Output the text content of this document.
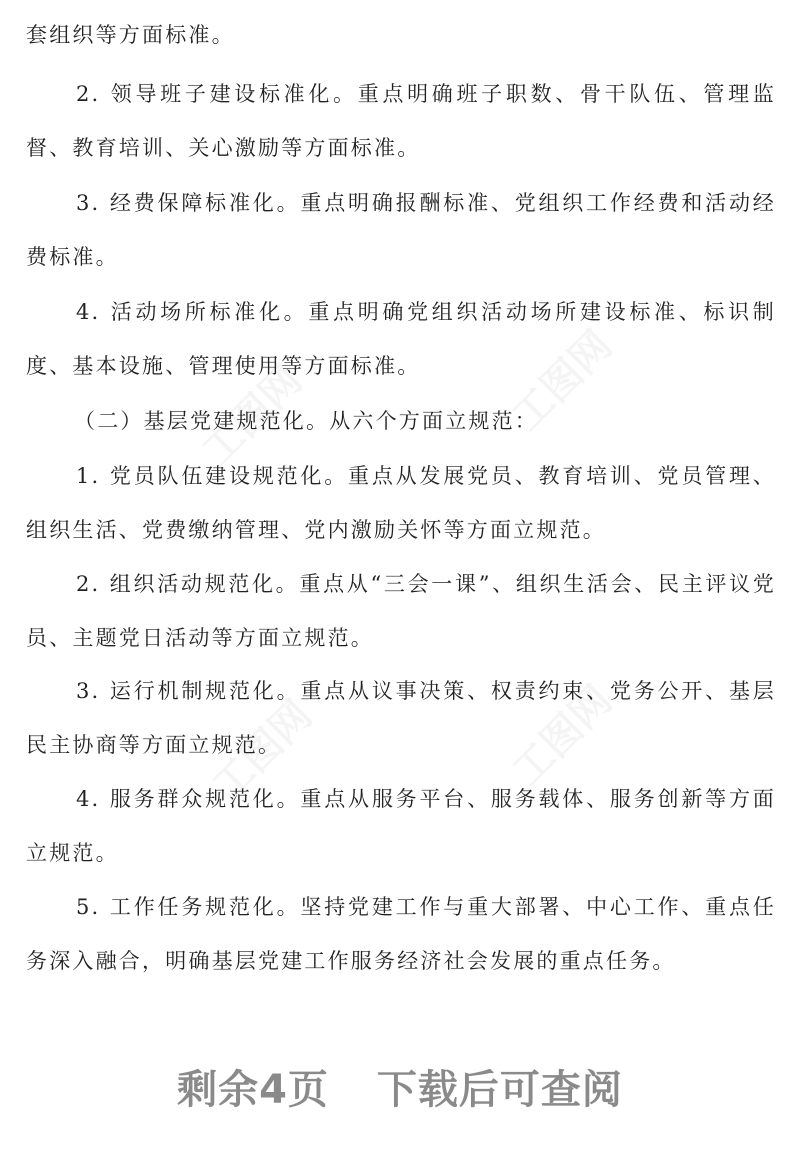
套组织等方面标准。

2. 领导班子建设标准化。重点明确班子职数、骨干队伍、管理监督、教育培训、关心激励等方面标准。

3. 经费保障标准化。重点明确报酬标准、党组织工作经费和活动经费标准。

4. 活动场所标准化。重点明确党组织活动场所建设标准、标识制度、基本设施、管理使用等方面标准。

（二）基层党建规范化。从六个方面立规范：

1. 党员队伍建设规范化。重点从发展党员、教育培训、党员管理、组织生活、党费缴纳管理、党内激励关怀等方面立规范。

2. 组织活动规范化。重点从“三会一课”、组织生活会、民主评议党员、主题党日活动等方面立规范。

3. 运行机制规范化。重点从议事决策、权责约束、党务公开、基层民主协商等方面立规范。

4. 服务群众规范化。重点从服务平台、服务载体、服务创新等方面立规范。

5. 工作任务规范化。坚持党建工作与重大部署、中心工作、重点任务深入融合，明确基层党建工作服务经济社会发展的重点任务。

剩余4页 下载后可查阅
